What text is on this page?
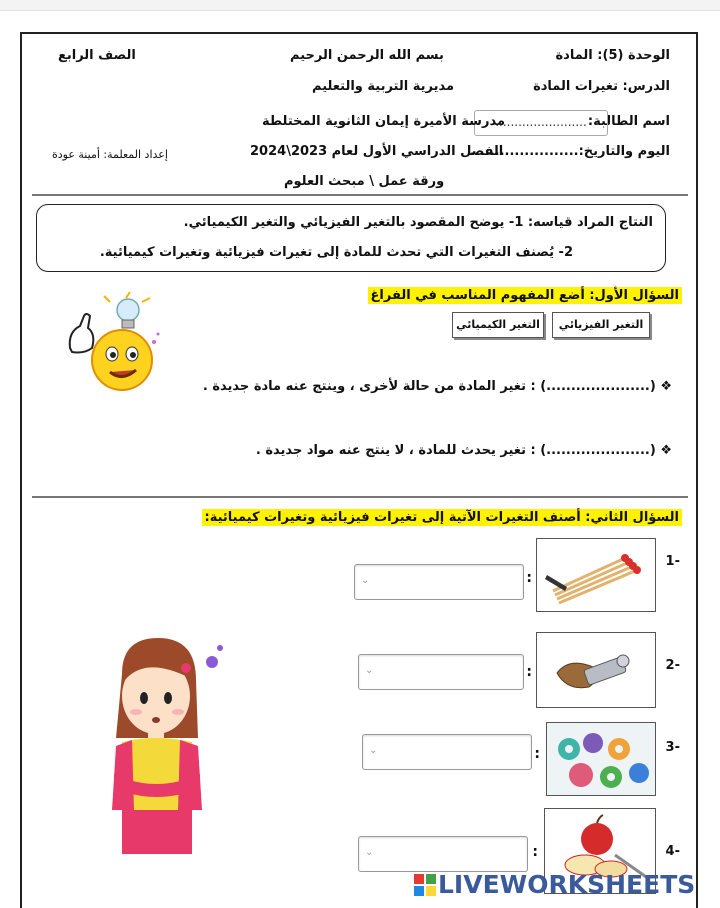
الوحدة (5): المادة
بسم الله الرحمن الرحيم
الصف الرابع
الدرس: تغيرات المادة
مديرية التربية والتعليم
اسم الطالبة:
........................
مدرسة الأميرة إيمان الثانوية المختلطة
اليوم والتاريخ:......................
الفصل الدراسي الأول لعام 2023\2024
إعداد المعلمة: أمينة عودة
ورقة عمل \ مبحث العلوم
النتاج المراد قياسه: 1- يوضح المقصود بالتغير الفيزيائي والتغير الكيميائي.
2- يُصنف التغيرات التي تحدث للمادة إلى تغيرات فيزيائية وتغيرات كيميائية.
السؤال الأول: أضع المفهوم المناسب في الفراغ
التغير الفيزيائي
التغير الكيميائي
❖ (.....................) : تغير المادة من حالة لأخرى ، وينتج عنه مادة جديدة .
❖ (.....................) : تغير يحدث للمادة ، لا ينتج عنه مواد جديدة .
السؤال الثاني: أصنف التغيرات الآتية إلى تغيرات فيزيائية وتغيرات كيميائية:
-1
:
⌄
-2
:
⌄
-3
:
⌄
-4
:
⌄
LIVEWORKSHEETS
